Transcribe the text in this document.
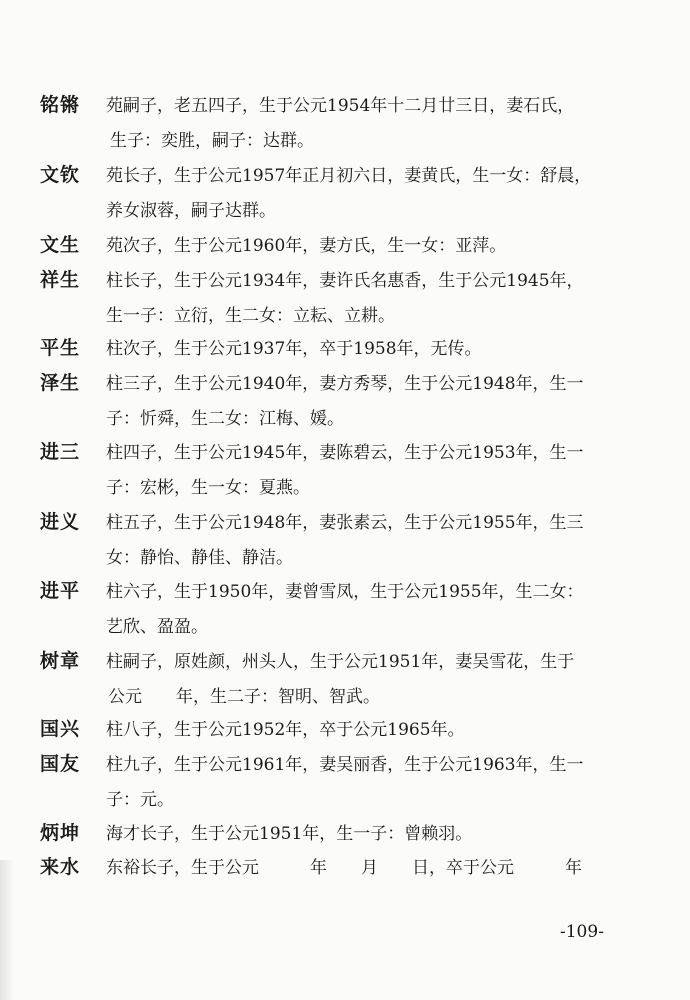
铭锵 苑嗣子，老五四子，生于公元1954年十二月廿三日，妻石氏，
生子：奕胜，嗣子：达群。
文钦 苑长子，生于公元1957年正月初六日，妻黄氏，生一女：舒晨，
养女淑蓉，嗣子达群。
文生 苑次子，生于公元1960年，妻方氏，生一女：亚萍。
祥生 柱长子，生于公元1934年，妻许氏名惠香，生于公元1945年，
生一子：立衍，生二女：立耘、立耕。
平生 柱次子，生于公元1937年，卒于1958年，无传。
泽生 柱三子，生于公元1940年，妻方秀琴，生于公元1948年，生一
子：忻舜，生二女：江梅、媛。
进三 柱四子，生于公元1945年，妻陈碧云，生于公元1953年，生一
子：宏彬，生一女：夏燕。
进义 柱五子，生于公元1948年，妻张素云，生于公元1955年，生三
女：静怡、静佳、静洁。
进平 柱六子，生于1950年，妻曾雪凤，生于公元1955年，生二女：
艺欣、盈盈。
树章 柱嗣子，原姓颜，州头人，生于公元1951年，妻吴雪花，生于
公元　　年，生二子：智明、智武。
国兴 柱八子，生于公元1952年，卒于公元1965年。
国友 柱九子，生于公元1961年，妻吴丽香，生于公元1963年，生一
子：元。
炳坤 海才长子，生于公元1951年，生一子：曾赖羽。
来水 东裕长子，生于公元　　　年　　月　　日，卒于公元　　　年
-109-
